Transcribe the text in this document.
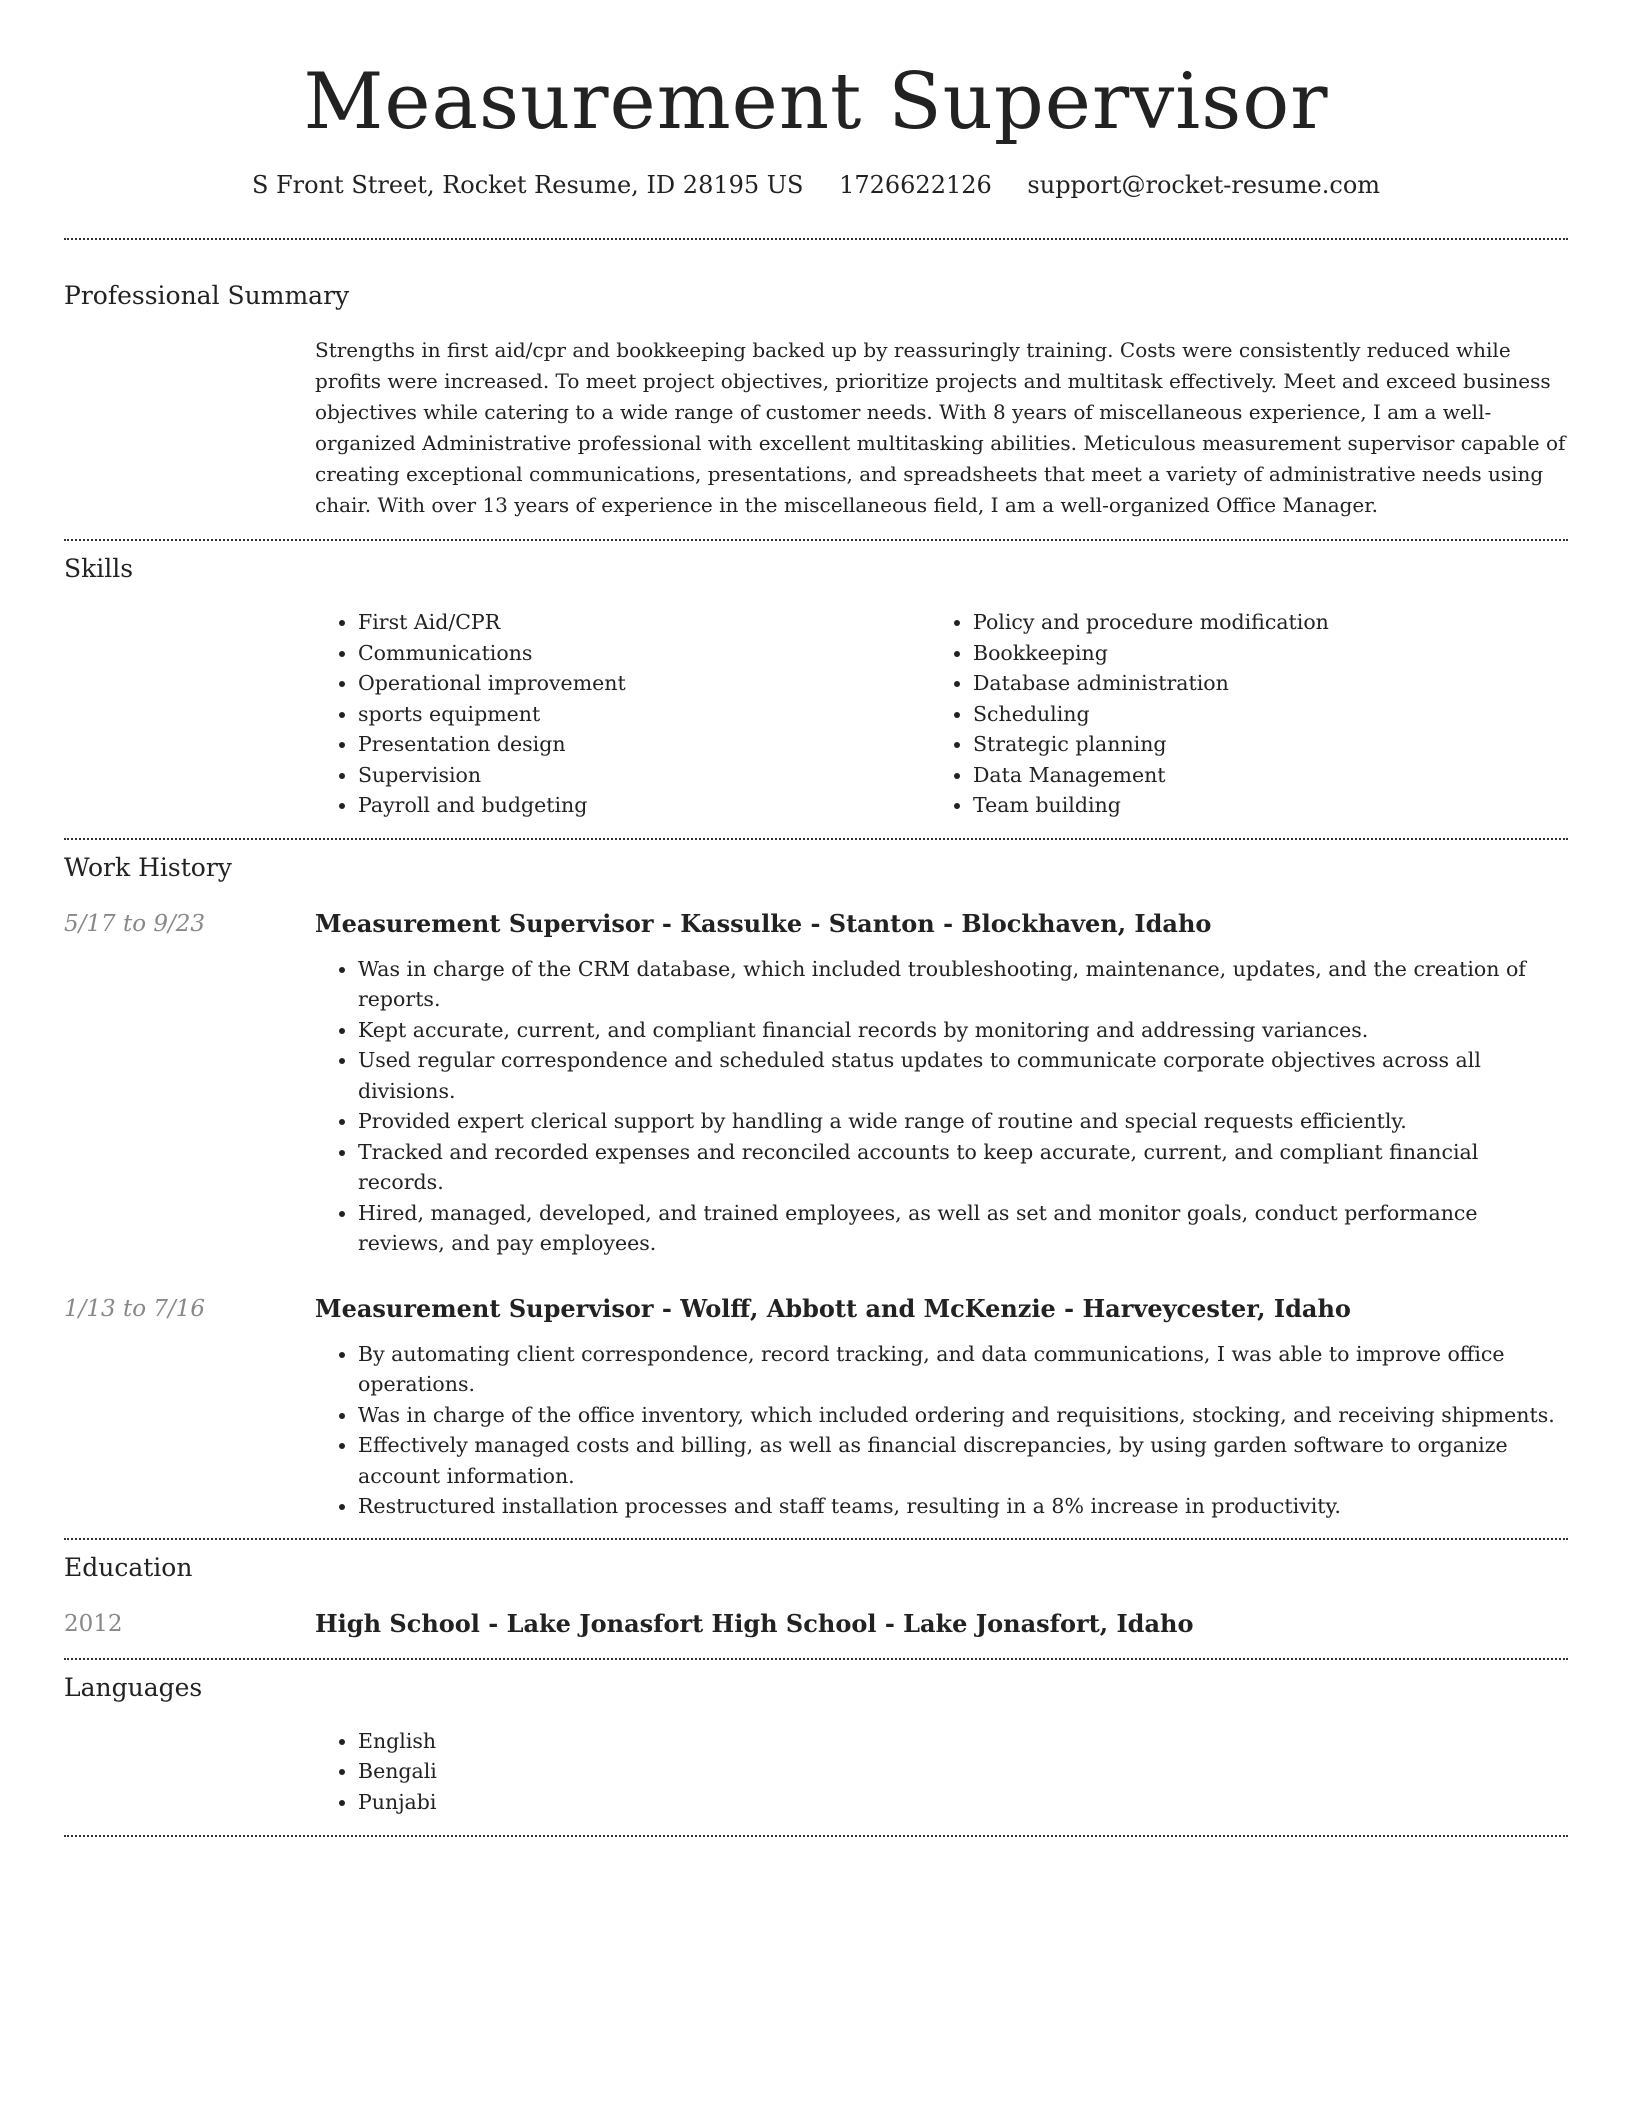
Measurement Supervisor
S Front Street, Rocket Resume, ID 28195 US 1726622126 support@rocket-resume.com
Professional Summary

Strengths in first aid/cpr and bookkeeping backed up by reassuringly training. Costs were consistently reduced while profits were increased. To meet project objectives, prioritize projects and multitask effectively. Meet and exceed business objectives while catering to a wide range of customer needs. With 8 years of miscellaneous experience, I am a well-organized Administrative professional with excellent multitasking abilities. Meticulous measurement supervisor capable of creating exceptional communications, presentations, and spreadsheets that meet a variety of administrative needs using chair. With over 13 years of experience in the miscellaneous field, I am a well-organized Office Manager.

Skills
• First Aid/CPR
• Communications
• Operational improvement
• sports equipment
• Presentation design
• Supervision
• Payroll and budgeting
• Policy and procedure modification
• Bookkeeping
• Database administration
• Scheduling
• Strategic planning
• Data Management
• Team building
Work History
5/17 to 9/23	Measurement Supervisor - Kassulke - Stanton - Blockhaven, Idaho
• Was in charge of the CRM database, which included troubleshooting, maintenance, updates, and the creation of reports.
• Kept accurate, current, and compliant financial records by monitoring and addressing variances.
• Used regular correspondence and scheduled status updates to communicate corporate objectives across all divisions.
• Provided expert clerical support by handling a wide range of routine and special requests efficiently.
• Tracked and recorded expenses and reconciled accounts to keep accurate, current, and compliant financial records.
• Hired, managed, developed, and trained employees, as well as set and monitor goals, conduct performance reviews, and pay employees.
1/13 to 7/16	Measurement Supervisor - Wolff, Abbott and McKenzie - Harveycester, Idaho
• By automating client correspondence, record tracking, and data communications, I was able to improve office operations.
• Was in charge of the office inventory, which included ordering and requisitions, stocking, and receiving shipments.
• Effectively managed costs and billing, as well as financial discrepancies, by using garden software to organize account information.
• Restructured installation processes and staff teams, resulting in a 8% increase in productivity.
Education
2012	High School - Lake Jonasfort High School - Lake Jonasfort, Idaho
Languages
• English
• Bengali
• Punjabi
